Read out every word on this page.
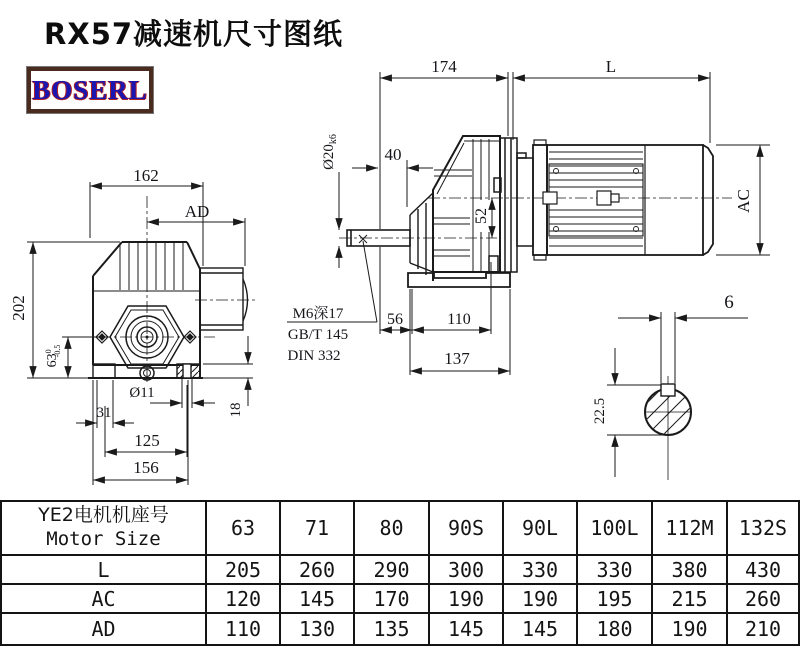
RX57减速机尺寸图纸
BOSERL
162
AD
202
$63^0-0.5$
31
Ø11
125
156
18
174	L
40
$Ø20_{k6}$
52
56	110
137
AC
M6深17
GB/T 145
DIN 332
6
22.5
YE2电机机座号
Motor Size	63	71	80	90S	90L	100L	112M	132S
L	205	260	290	300	330	330	380	430
AC	120	145	170	190	190	195	215	260
AD	110	130	135	145	145	180	190	210
